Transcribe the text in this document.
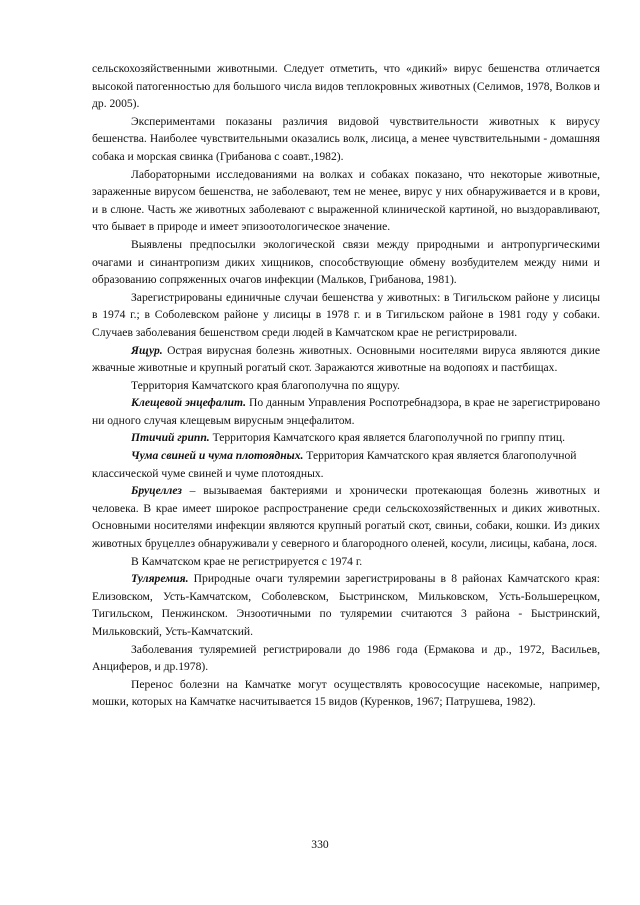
сельскохозяйственными животными. Следует отметить, что «дикий» вирус бешенства отличается высокой патогенностью для большого числа видов теплокровных животных (Селимов, 1978, Волков и др. 2005).

Экспериментами показаны различия видовой чувствительности животных к вирусу бешенства. Наиболее чувствительными оказались волк, лисица, а менее чувствительными - домашняя собака и морская свинка (Грибанова с соавт.,1982).

Лабораторными исследованиями на волках и собаках показано, что некоторые животные, зараженные вирусом бешенства, не заболевают, тем не менее, вирус у них обнаруживается и в крови, и в слюне. Часть же животных заболевают с выраженной клинической картиной, но выздоравливают, что бывает в природе и имеет эпизоотологическое значение.

Выявлены предпосылки экологической связи между природными и антропургическими очагами и синантропизм диких хищников, способствующие обмену возбудителем между ними и образованию сопряженных очагов инфекции (Мальков, Грибанова, 1981).

Зарегистрированы единичные случаи бешенства у животных: в Тигильском районе у лисицы в 1974 г.; в Соболевском районе у лисицы в 1978 г. и в Тигильском районе в 1981 году у собаки. Случаев заболевания бешенством среди людей в Камчатском крае не регистрировали.

Ящур. Острая вирусная болезнь животных. Основными носителями вируса являются дикие жвачные животные и крупный рогатый скот. Заражаются животные на водопоях и пастбищах.

Территория Камчатского края благополучна по ящуру.

Клещевой энцефалит. По данным Управления Роспотребнадзора, в крае не зарегистрировано ни одного случая клещевым вирусным энцефалитом.

Птичий грипп. Территория Камчатского края является благополучной по гриппу птиц.

Чума свиней и чума плотоядных. Территория Камчатского края является благополучной классической чуме свиней и чуме плотоядных.

Бруцеллез – вызываемая бактериями и хронически протекающая болезнь животных и человека. В крае имеет широкое распространение среди сельскохозяйственных и диких животных. Основными носителями инфекции являются крупный рогатый скот, свиньи, собаки, кошки. Из диких животных бруцеллез обнаруживали у северного и благородного оленей, косули, лисицы, кабана, лося.

В Камчатском крае не регистрируется с 1974 г.

Туляремия. Природные очаги туляремии зарегистрированы в 8 районах Камчатского края: Елизовском, Усть-Камчатском, Соболевском, Быстринском, Мильковском, Усть-Большерецком, Тигильском, Пенжинском. Энзоотичными по туляремии считаются 3 района - Быстринский, Мильковский, Усть-Камчатский.

Заболевания туляремией регистрировали до 1986 года (Ермакова и др., 1972, Васильев, Анциферов, и др.1978).

Перенос болезни на Камчатке могут осуществлять кровососущие насекомые, например, мошки, которых на Камчатке насчитывается 15 видов (Куренков, 1967; Патрушева, 1982).

330
